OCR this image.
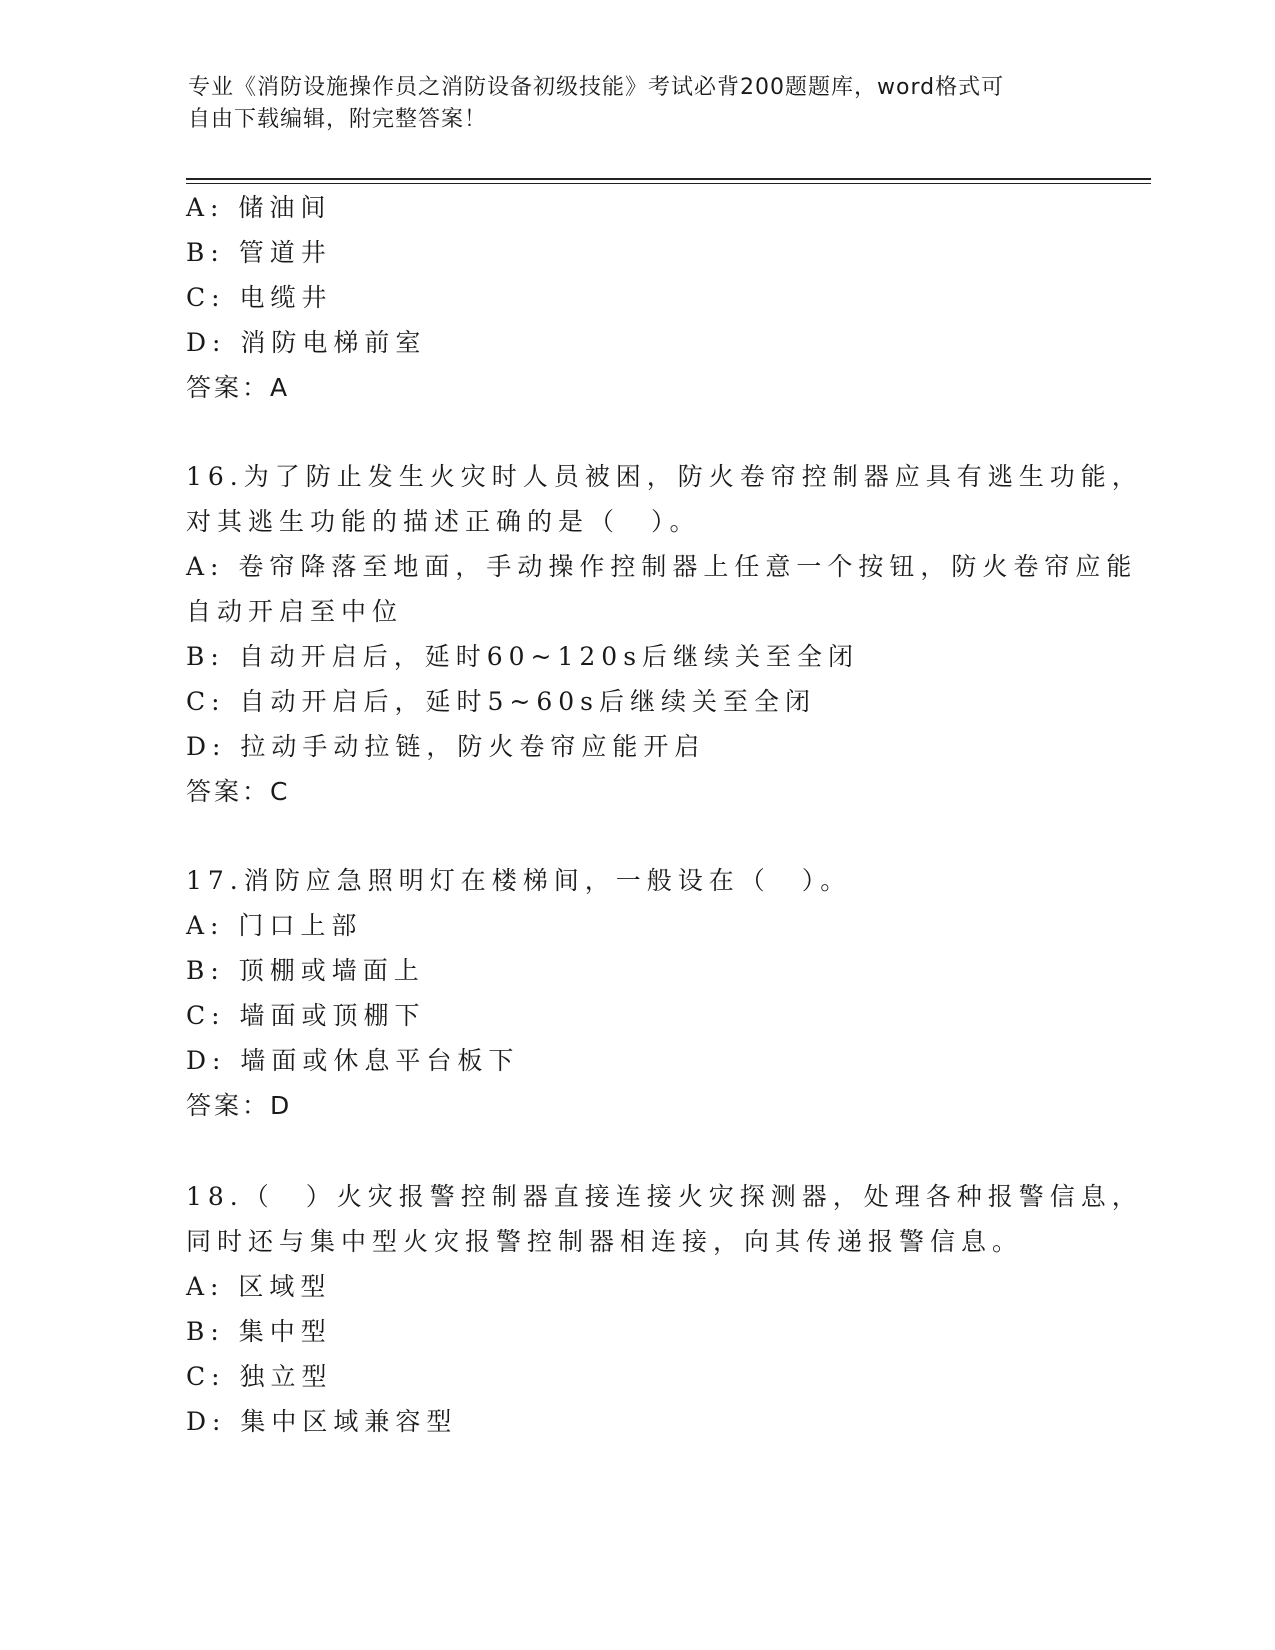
专业《消防设施操作员之消防设备初级技能》考试必背200题题库，word格式可
自由下载编辑，附完整答案！
A: 储油间
B: 管道井
C: 电缆井
D: 消防电梯前室
答案：A
16.为了防止发生火灾时人员被困，防火卷帘控制器应具有逃生功能，
对其逃生功能的描述正确的是（　）。
A: 卷帘降落至地面，手动操作控制器上任意一个按钮，防火卷帘应能
自动开启至中位
B: 自动开启后，延时60~120s后继续关至全闭
C: 自动开启后，延时5~60s后继续关至全闭
D: 拉动手动拉链，防火卷帘应能开启
答案：C
17.消防应急照明灯在楼梯间，一般设在（　）。
A: 门口上部
B: 顶棚或墙面上
C: 墙面或顶棚下
D: 墙面或休息平台板下
答案：D
18.（　）火灾报警控制器直接连接火灾探测器，处理各种报警信息，
同时还与集中型火灾报警控制器相连接，向其传递报警信息。
A: 区域型
B: 集中型
C: 独立型
D: 集中区域兼容型
